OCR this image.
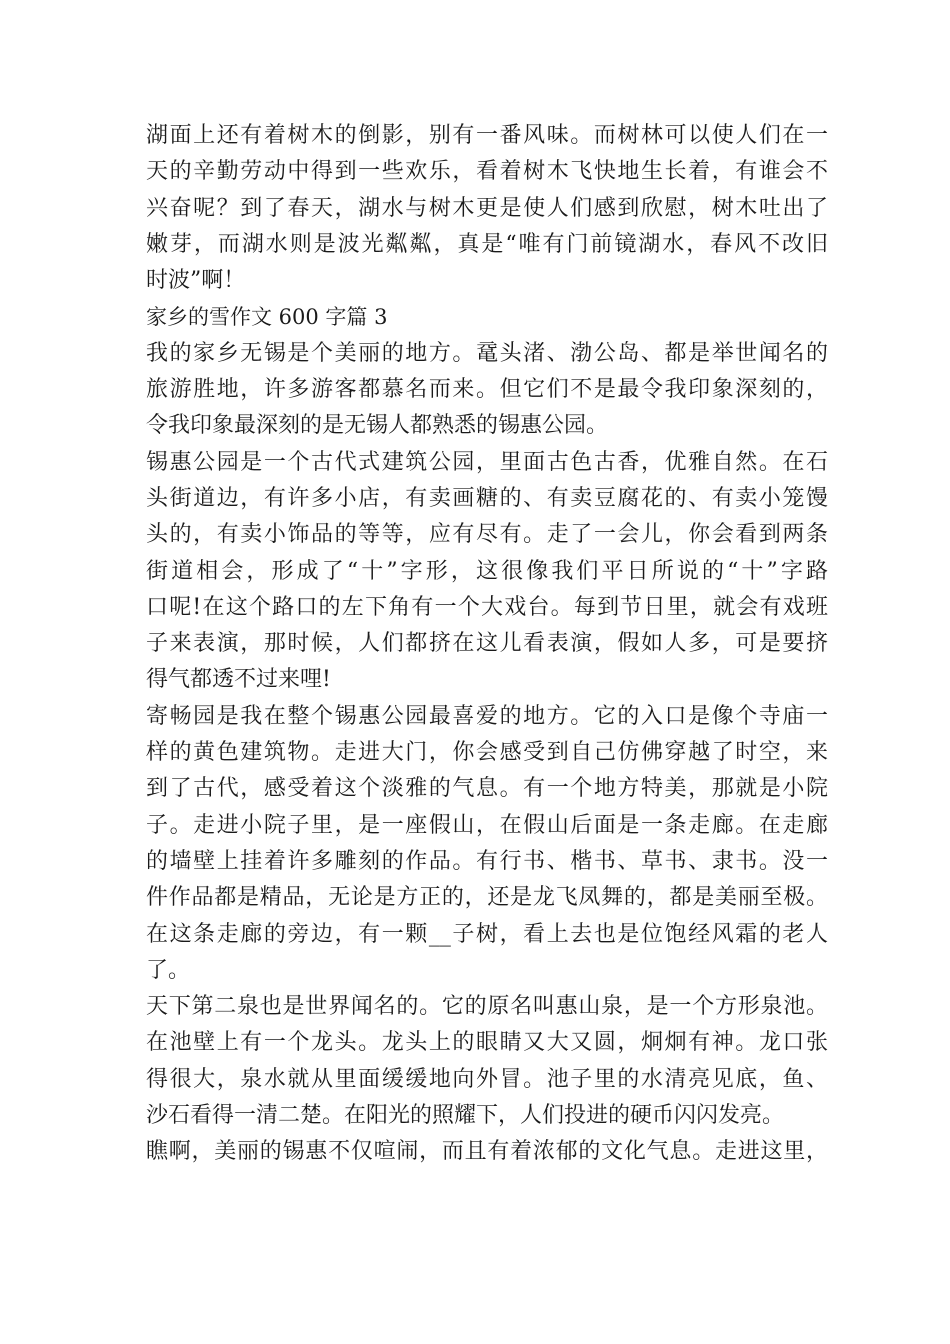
湖面上还有着树木的倒影，别有一番风味。而树林可以使人们在一
天的辛勤劳动中得到一些欢乐，看着树木飞快地生长着，有谁会不
兴奋呢？到了春天，湖水与树木更是使人们感到欣慰，树木吐出了
嫩芽，而湖水则是波光粼粼，真是“唯有门前镜湖水，春风不改旧
时波”啊！
家乡的雪作文 600 字篇 3
我的家乡无锡是个美丽的地方。鼋头渚、渤公岛、都是举世闻名的
旅游胜地，许多游客都慕名而来。但它们不是最令我印象深刻的，
令我印象最深刻的是无锡人都熟悉的锡惠公园。
锡惠公园是一个古代式建筑公园，里面古色古香，优雅自然。在石
头街道边，有许多小店，有卖画糖的、有卖豆腐花的、有卖小笼馒
头的，有卖小饰品的等等，应有尽有。走了一会儿，你会看到两条
街道相会，形成了“十”字形，这很像我们平日所说的“十”字路
口呢!在这个路口的左下角有一个大戏台。每到节日里，就会有戏班
子来表演，那时候，人们都挤在这儿看表演，假如人多，可是要挤
得气都透不过来哩!
寄畅园是我在整个锡惠公园最喜爱的地方。它的入口是像个寺庙一
样的黄色建筑物。走进大门，你会感受到自己仿佛穿越了时空，来
到了古代，感受着这个淡雅的气息。有一个地方特美，那就是小院
子。走进小院子里，是一座假山，在假山后面是一条走廊。在走廊
的墙壁上挂着许多雕刻的作品。有行书、楷书、草书、隶书。没一
件作品都是精品，无论是方正的，还是龙飞凤舞的，都是美丽至极。
在这条走廊的旁边，有一颗__子树，看上去也是位饱经风霜的老人
了。
天下第二泉也是世界闻名的。它的原名叫惠山泉，是一个方形泉池。
在池壁上有一个龙头。龙头上的眼睛又大又圆，炯炯有神。龙口张
得很大，泉水就从里面缓缓地向外冒。池子里的水清亮见底，鱼、
沙石看得一清二楚。在阳光的照耀下，人们投进的硬币闪闪发亮。
瞧啊，美丽的锡惠不仅喧闹，而且有着浓郁的文化气息。走进这里，
